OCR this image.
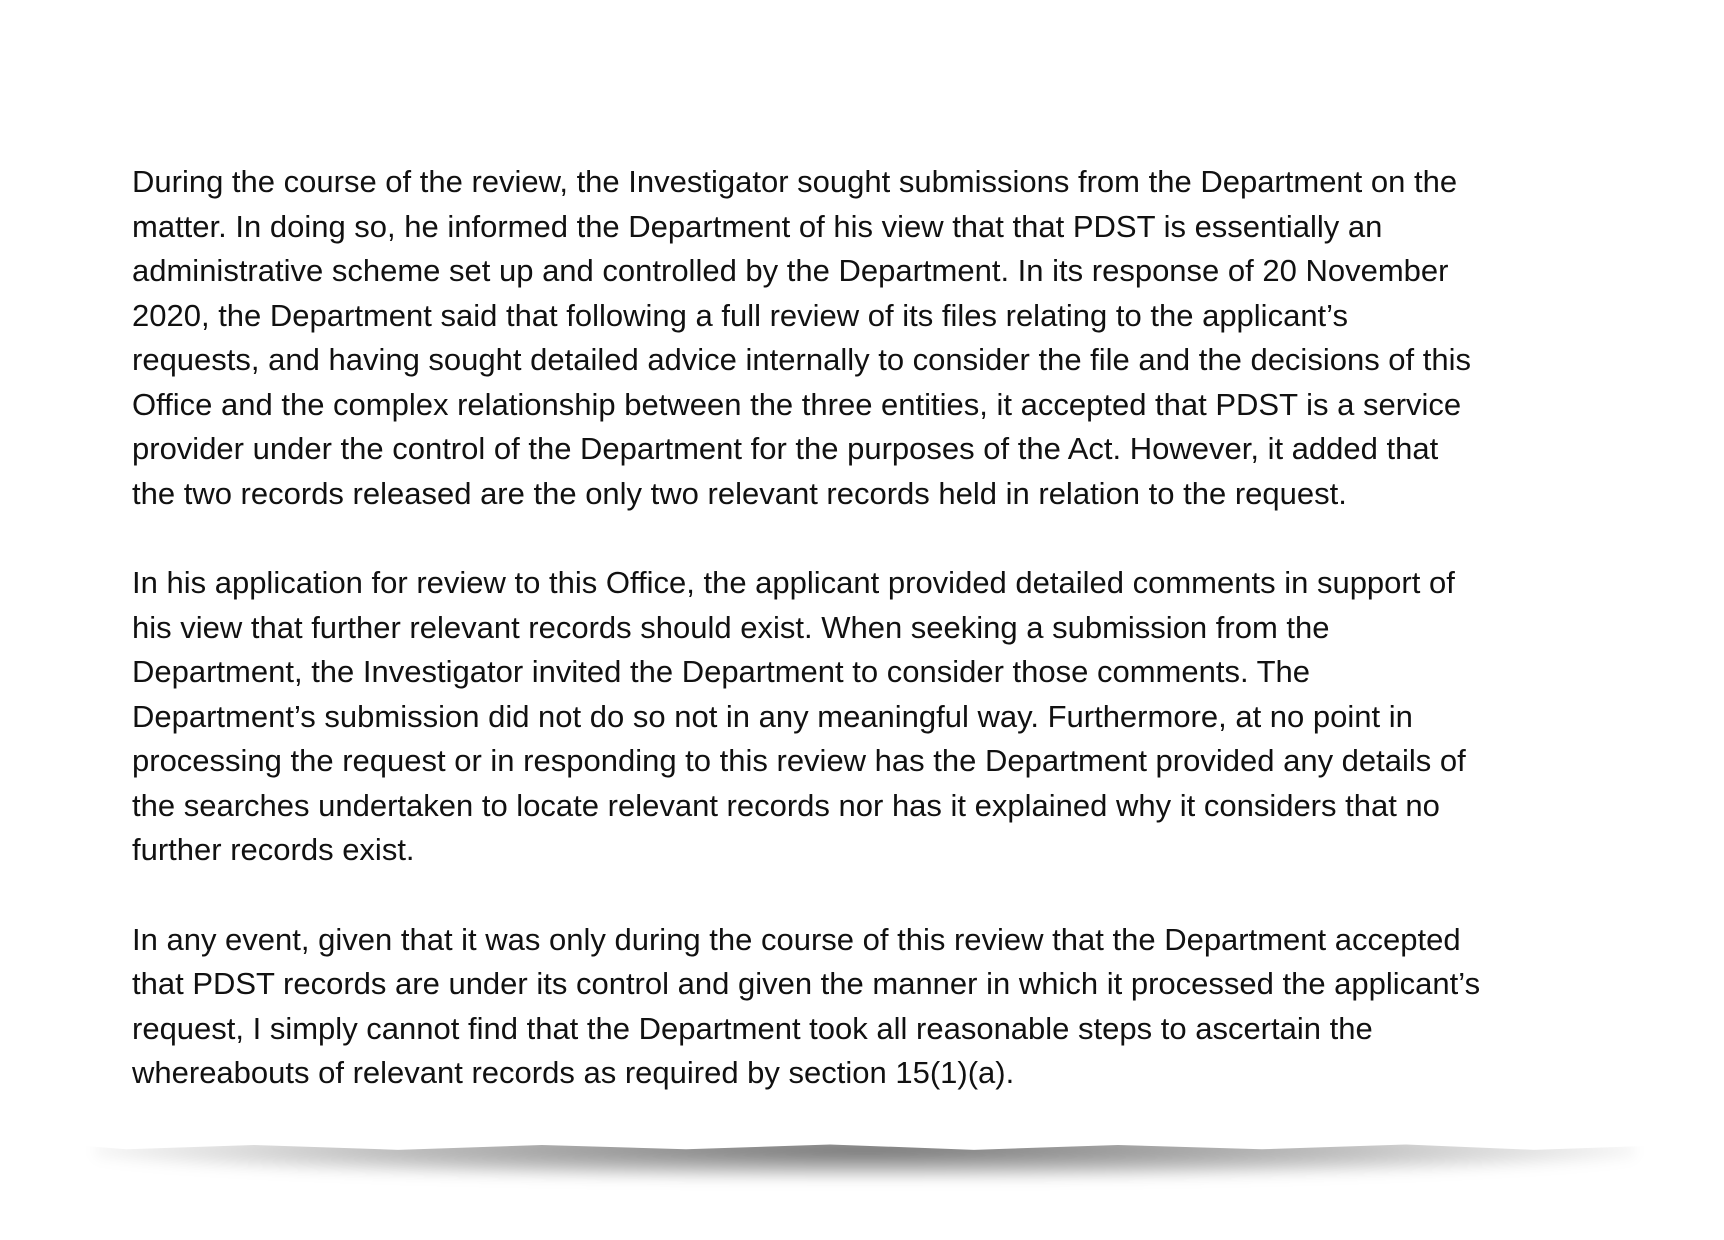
During the course of the review, the Investigator sought submissions from the Department on the
matter. In doing so, he informed the Department of his view that that PDST is essentially an
administrative scheme set up and controlled by the Department. In its response of 20 November
2020, the Department said that following a full review of its files relating to the applicant’s
requests, and having sought detailed advice internally to consider the file and the decisions of this
Office and the complex relationship between the three entities, it accepted that PDST is a service
provider under the control of the Department for the purposes of the Act. However, it added that
the two records released are the only two relevant records held in relation to the request.

In his application for review to this Office, the applicant provided detailed comments in support of
his view that further relevant records should exist. When seeking a submission from the
Department, the Investigator invited the Department to consider those comments. The
Department’s submission did not do so not in any meaningful way. Furthermore, at no point in
processing the request or in responding to this review has the Department provided any details of
the searches undertaken to locate relevant records nor has it explained why it considers that no
further records exist.

In any event, given that it was only during the course of this review that the Department accepted
that PDST records are under its control and given the manner in which it processed the applicant’s
request, I simply cannot find that the Department took all reasonable steps to ascertain the
whereabouts of relevant records as required by section 15(1)(a).
